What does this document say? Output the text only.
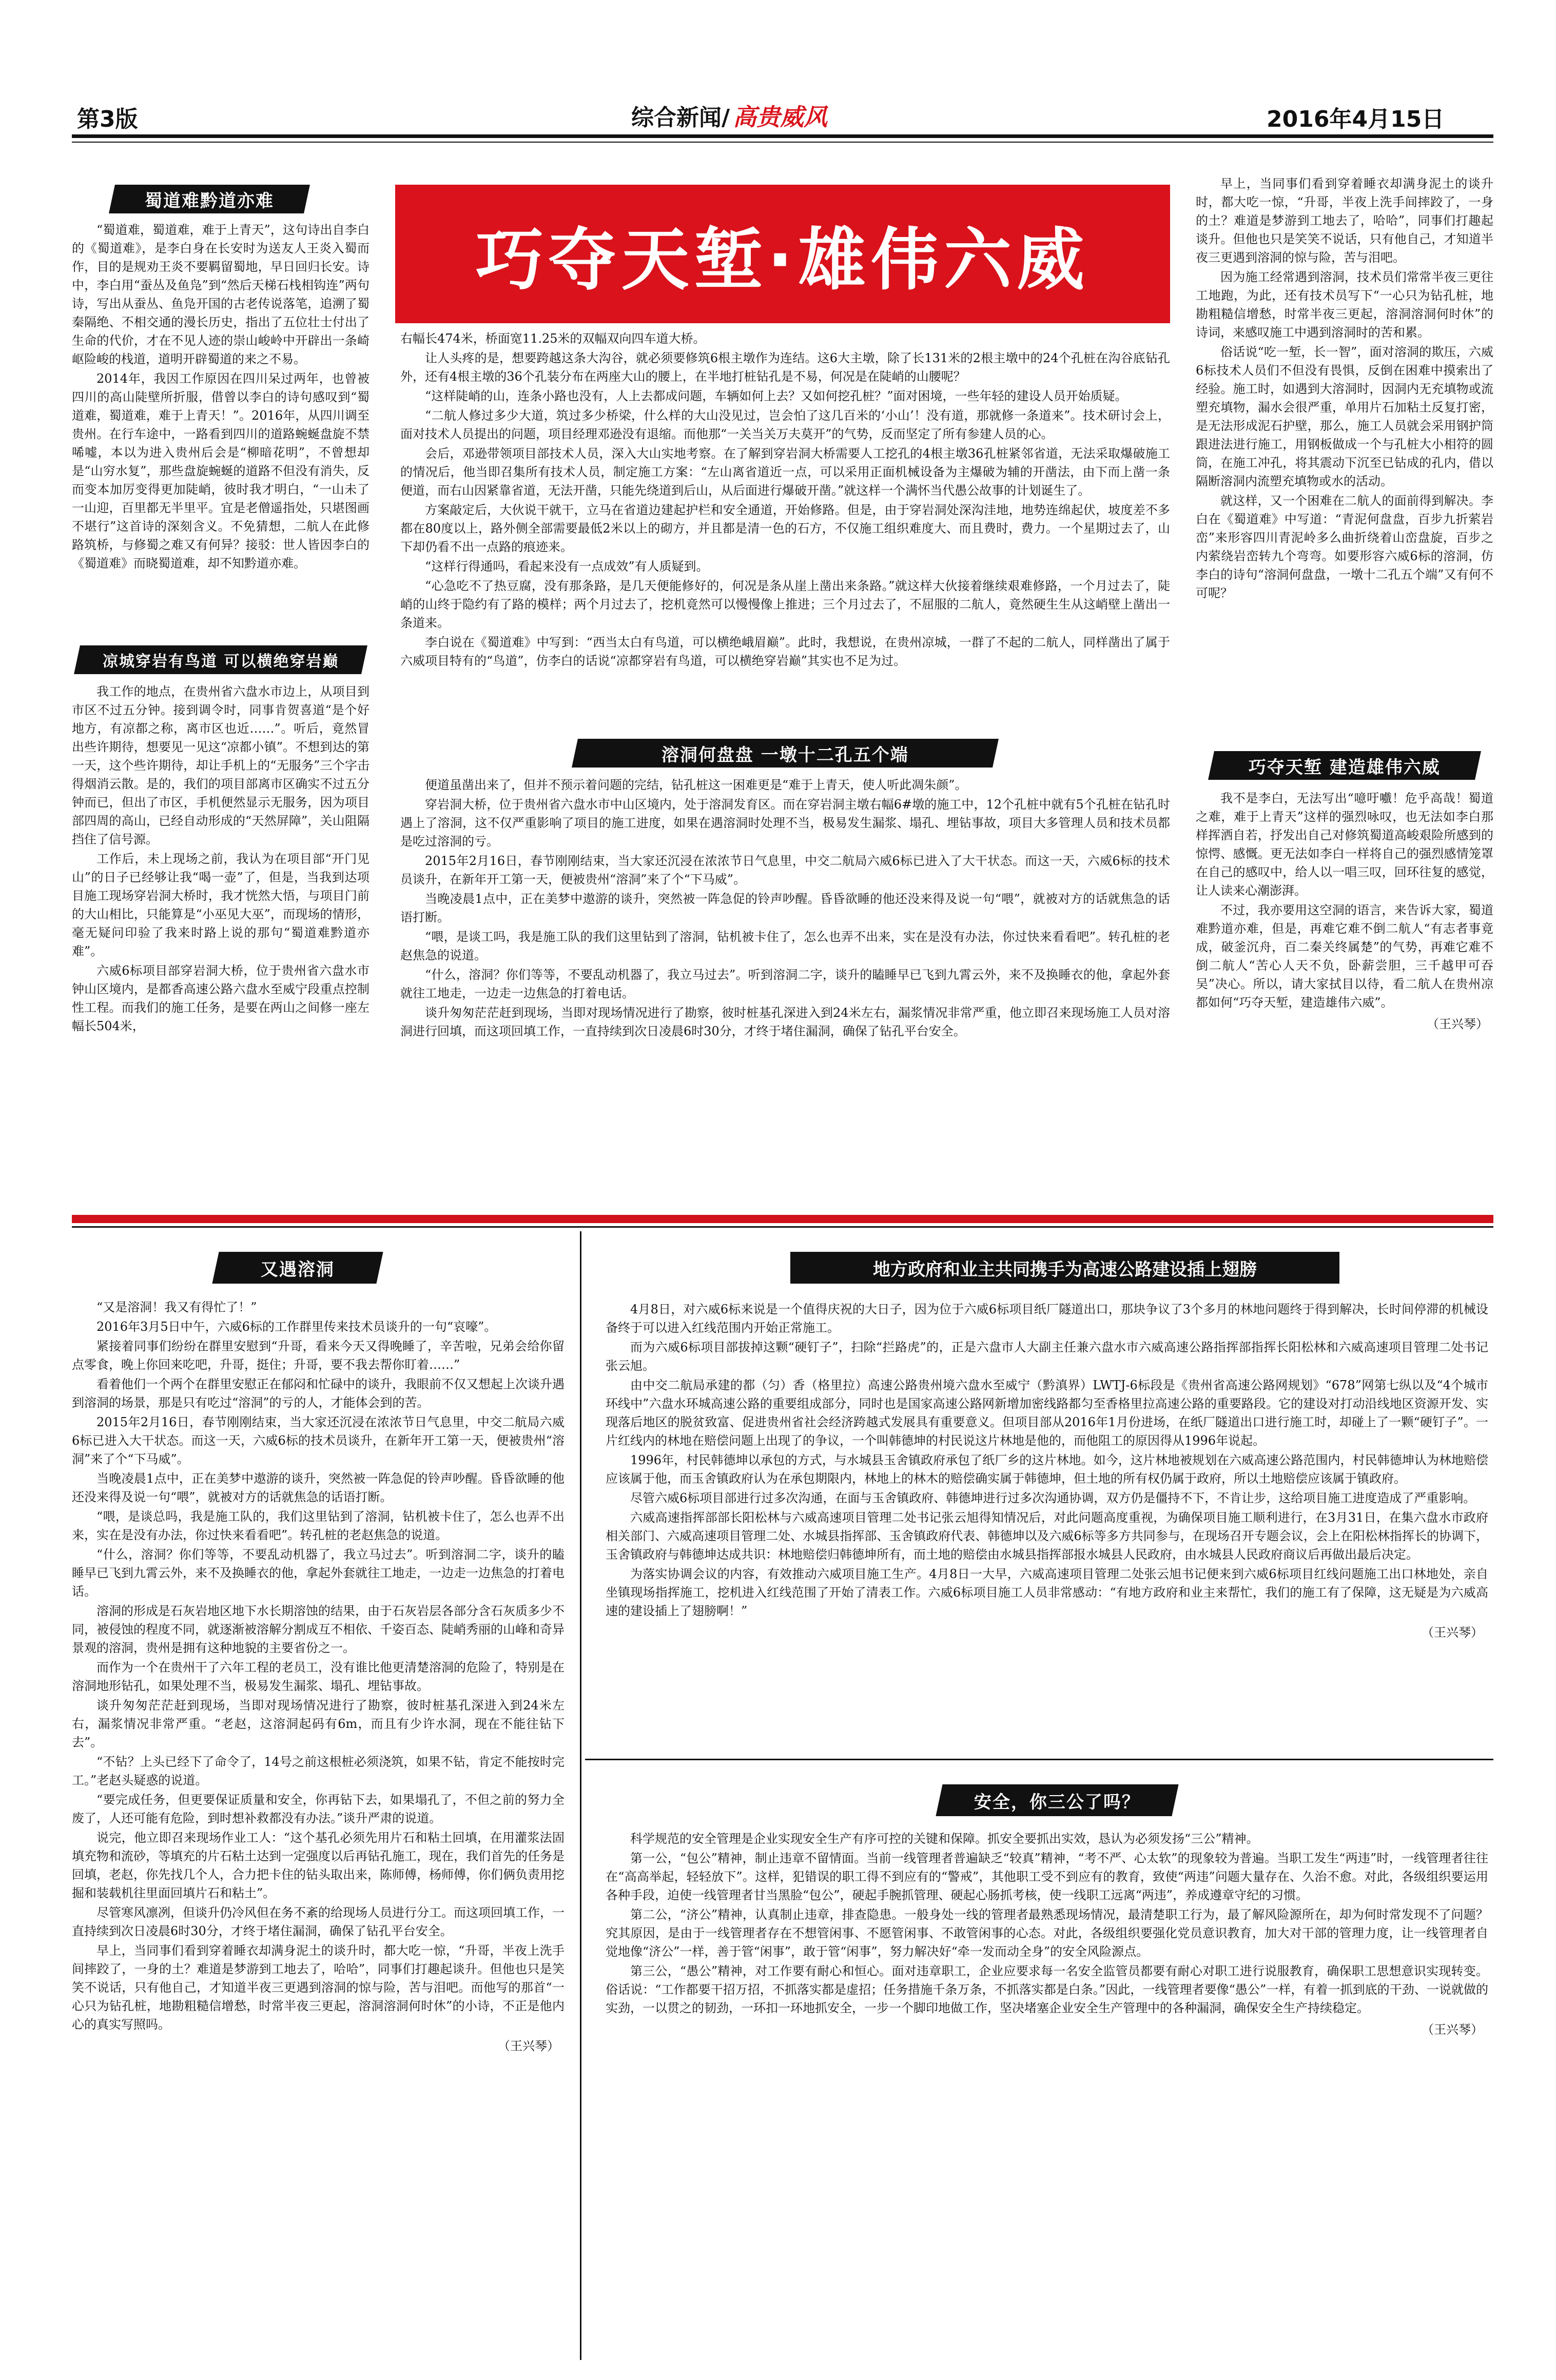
第3版	综合新闻/ 高贵威风	2016年4月15日
蜀道难黔道亦难

“蜀道难，蜀道难，难于上青天”，这句诗出自李白的《蜀道难》，是李白身在长安时为送友人王炎入蜀而作，目的是规劝王炎不要羁留蜀地，早日回归长安。诗中，李白用“蚕丛及鱼凫”到“然后天梯石栈相钩连”两句诗，写出从蚕丛、鱼凫开国的古老传说落笔，追溯了蜀秦隔绝、不相交通的漫长历史，指出了五位壮士付出了生命的代价，才在不见人迹的崇山峻岭中开辟出一条崎岖险峻的栈道，道明开辟蜀道的来之不易。

2014年，我因工作原因在四川呆过两年，也曾被四川的高山陡壁所折服，借曾以李白的诗句感叹到“蜀道难，蜀道难，难于上青天！”。2016年，从四川调至贵州。在行车途中，一路看到四川的道路蜿蜒盘旋不禁唏嘘，本以为进入贵州后会是“柳暗花明”，不曾想却是“山穷水复”，那些盘旋蜿蜒的道路不但没有消失，反而变本加厉变得更加陡峭，彼时我才明白，“一山未了一山迎，百里都无半里平。宜是老僧遥指处，只堪图画不堪行”这首诗的深刻含义。不免猜想，二航人在此修路筑桥，与修蜀之难又有何异？接驳：世人皆因李白的《蜀道难》而晓蜀道难，却不知黔道亦难。

凉城穿岩有鸟道 可以横绝穿岩巅

我工作的地点，在贵州省六盘水市边上，从项目到市区不过五分钟。接到调令时，同事肯贺喜道“是个好地方，有凉都之称，离市区也近……”。听后，竟然冒出些许期待，想要见一见这“凉都小镇”。不想到达的第一天，这个些许期待，却让手机上的“无服务”三个字击得烟消云散。是的，我们的项目部离市区确实不过五分钟而已，但出了市区，手机便然显示无服务，因为项目部四周的高山，已经自动形成的“天然屏障”，关山阻隔挡住了信号源。

工作后，未上现场之前，我认为在项目部“开门见山”的日子已经够让我“喝一壶”了，但是，当我到达项目施工现场穿岩洞大桥时，我才恍然大悟，与项目门前的大山相比，只能算是“小巫见大巫”，而现场的情形，毫无疑问印验了我来时路上说的那句“蜀道难黔道亦难”。

六威6标项目部穿岩洞大桥，位于贵州省六盘水市钟山区境内，是都香高速公路六盘水至威宁段重点控制性工程。而我们的施工任务，是要在两山之间修一座左幅长504米，

巧夺天堑·雄伟六威

右幅长474米，桥面宽11.25米的双幅双向四车道大桥。

让人头疼的是，想要跨越这条大沟谷，就必须要修筑6根主墩作为连结。这6大主墩，除了长131米的2根主墩中的24个孔桩在沟谷底钻孔外，还有4根主墩的36个孔装分布在两座大山的腰上，在半地打桩钻孔是不易，何况是在陡峭的山腰呢？

“这样陡峭的山，连条小路也没有，人上去都成问题，车辆如何上去？又如何挖孔桩？”面对困境，一些年轻的建设人员开始质疑。

“二航人修过多少大道，筑过多少桥梁，什么样的大山没见过，岂会怕了这几百米的‘小山’！没有道，那就修一条道来”。技术研讨会上，面对技术人员提出的问题，项目经理邓逊没有退缩。而他那“一关当关万夫莫开”的气势，反而坚定了所有参建人员的心。

会后，邓逊带领项目部技术人员，深入大山实地考察。在了解到穿岩洞大桥需要人工挖孔的4根主墩36孔桩紧邻省道，无法采取爆破施工的情况后，他当即召集所有技术人员，制定施工方案：“左山离省道近一点，可以采用正面机械设备为主爆破为辅的开凿法，由下而上凿一条便道，而右山因紧靠省道，无法开凿，只能先绕道到后山，从后面进行爆破开凿。”就这样一个满怀当代愚公故事的计划诞生了。

方案敲定后，大伙说干就干，立马在省道边建起护栏和安全通道，开始修路。但是，由于穿岩洞处深沟洼地，地势连绵起伏，坡度差不多都在80度以上，路外侧全部需要最低2米以上的砌方，并且都是清一色的石方，不仅施工组织难度大、而且费时，费力。一个星期过去了，山下却仍看不出一点路的痕迹来。

“这样行得通吗，看起来没有一点成效”有人质疑到。

“心急吃不了热豆腐，没有那条路，是几天便能修好的，何况是条从崖上凿出来条路。”就这样大伙接着继续艰难修路，一个月过去了，陡峭的山终于隐约有了路的模样；两个月过去了，挖机竟然可以慢慢像上推进；三个月过去了，不屈服的二航人，竟然硬生生从这峭壁上凿出一条道来。

李白说在《蜀道难》中写到：“西当太白有鸟道，可以横绝峨眉巅”。此时，我想说，在贵州凉城，一群了不起的二航人，同样凿出了属于六威项目特有的“鸟道”，仿李白的话说“凉都穿岩有鸟道，可以横绝穿岩巅”其实也不足为过。

溶洞何盘盘 一墩十二孔五个端

便道虽凿出来了，但并不预示着问题的完结，钻孔桩这一困难更是“难于上青天，使人听此凋朱颜”。

穿岩洞大桥，位于贵州省六盘水市中山区境内，处于溶洞发育区。而在穿岩洞主墩右幅6#墩的施工中，12个孔桩中就有5个孔桩在钻孔时遇上了溶洞，这不仅严重影响了项目的施工进度，如果在遇溶洞时处理不当，极易发生漏浆、塌孔、埋钻事故，项目大多管理人员和技术员都是吃过溶洞的亏。

2015年2月16日，春节刚刚结束，当大家还沉浸在浓浓节日气息里，中交二航局六威6标已进入了大干状态。而这一天，六威6标的技术员谈升，在新年开工第一天，便被贵州“溶洞”来了个“下马威”。

当晚凌晨1点中，正在美梦中遨游的谈升，突然被一阵急促的铃声吵醒。昏昏欲睡的他还没来得及说一句“喂”，就被对方的话就焦急的话语打断。

“喂，是谈工吗，我是施工队的我们这里钻到了溶洞，钻机被卡住了，怎么也弄不出来，实在是没有办法，你过快来看看吧”。转孔桩的老赵焦急的说道。

“什么，溶洞？你们等等，不要乱动机器了，我立马过去”。听到溶洞二字，谈升的瞌睡早已飞到九霄云外，来不及换睡衣的他，拿起外套就往工地走，一边走一边焦急的打着电话。

谈升匆匆茫茫赶到现场，当即对现场情况进行了勘察，彼时桩基孔深进入到24米左右，漏浆情况非常严重，他立即召来现场施工人员对溶洞进行回填，而这项回填工作，一直持续到次日凌晨6时30分，才终于堵住漏洞，确保了钻孔平台安全。

早上，当同事们看到穿着睡衣却满身泥土的谈升时，都大吃一惊，“升哥，半夜上洗手间摔跤了，一身的土？难道是梦游到工地去了，哈哈”，同事们打趣起谈升。但他也只是笑笑不说话，只有他自己，才知道半夜三更遇到溶洞的惊与险，苦与泪吧。

因为施工经常遇到溶洞，技术员们常常半夜三更往工地跑，为此，还有技术员写下“一心只为钻孔桩，地勘粗糙信增愁，时常半夜三更起，溶洞溶洞何时休”的诗词，来感叹施工中遇到溶洞时的苦和累。

俗话说“吃一堑，长一智”，面对溶洞的欺压，六威6标技术人员们不但没有畏惧，反倒在困难中摸索出了经验。施工时，如遇到大溶洞时，因洞内无充填物或流塑充填物，漏水会很严重，单用片石加粘土反复打密，是无法形成泥石护壁，那么，施工人员就会采用钢护筒跟进法进行施工，用钢板做成一个与孔桩大小相符的圆筒，在施工冲孔，将其震动下沉至已钻成的孔内，借以隔断溶洞内流塑充填物或水的活动。

就这样，又一个困难在二航人的面前得到解决。李白在《蜀道难》中写道：“青泥何盘盘，百步九折萦岩峦”来形容四川青泥岭多么曲折绕着山峦盘旋，百步之内萦绕岩峦转九个弯弯。如要形容六威6标的溶洞，仿李白的诗句“溶洞何盘盘，一墩十二孔五个端”又有何不可呢？

巧夺天堑 建造雄伟六威

我不是李白，无法写出“噫吁嚱！危乎高哉！蜀道之难，难于上青天”这样的强烈咏叹，也无法如李白那样挥洒自若，抒发出自己对修筑蜀道高峻艰险所感到的惊愕、感慨。更无法如李白一样将自己的强烈感情笼罩在自己的感叹中，给人以一唱三叹，回环往复的感觉，让人读来心潮澎湃。

不过，我亦要用这空洞的语言，来告诉大家，蜀道难黔道亦难，但是，再难它难不倒二航人“有志者事竟成，破釜沉舟，百二秦关终属楚”的气势，再难它难不倒二航人“苦心人天不负，卧薪尝胆，三千越甲可吞吴”决心。所以，请大家拭目以待，看二航人在贵州凉都如何“巧夺天堑，建造雄伟六威”。

（王兴琴）

又遇溶洞

“又是溶洞！我又有得忙了！”

2016年3月5日中午，六威6标的工作群里传来技术员谈升的一句“哀嚎”。

紧接着同事们纷纷在群里安慰到“升哥，看来今天又得晚睡了，辛苦啦，兄弟会给你留点零食，晚上你回来吃吧，升哥，挺住；升哥，要不我去帮你盯着……”

看着他们一个两个在群里安慰正在郁闷和忙碌中的谈升，我眼前不仅又想起上次谈升遇到溶洞的场景，那是只有吃过“溶洞”的亏的人，才能体会到的苦。

2015年2月16日，春节刚刚结束，当大家还沉浸在浓浓节日气息里，中交二航局六威6标已进入大干状态。而这一天，六威6标的技术员谈升，在新年开工第一天，便被贵州“溶洞”来了个“下马威”。

当晚凌晨1点中，正在美梦中遨游的谈升，突然被一阵急促的铃声吵醒。昏昏欲睡的他还没来得及说一句“喂”，就被对方的话就焦急的话语打断。

“喂，是谈总吗，我是施工队的，我们这里钻到了溶洞，钻机被卡住了，怎么也弄不出来，实在是没有办法，你过快来看看吧”。转孔桩的老赵焦急的说道。

“什么，溶洞？你们等等，不要乱动机器了，我立马过去”。听到溶洞二字，谈升的瞌睡早已飞到九霄云外，来不及换睡衣的他，拿起外套就往工地走，一边走一边焦急的打着电话。

溶洞的形成是石灰岩地区地下水长期溶蚀的结果，由于石灰岩层各部分含石灰质多少不同，被侵蚀的程度不同，就逐渐被溶解分割成互不相依、千姿百态、陡峭秀丽的山峰和奇异景观的溶洞，贵州是拥有这种地貌的主要省份之一。

而作为一个在贵州干了六年工程的老员工，没有谁比他更清楚溶洞的危险了，特别是在溶洞地形钻孔，如果处理不当，极易发生漏浆、塌孔、埋钻事故。

谈升匆匆茫茫赶到现场，当即对现场情况进行了勘察，彼时桩基孔深进入到24米左右，漏浆情况非常严重。“老赵，这溶洞起码有6m，而且有少许水洞，现在不能往钻下去”。

“不钻？上头已经下了命令了，14号之前这根桩必须浇筑，如果不钻，肯定不能按时完工。”老赵头疑惑的说道。

“要完成任务，但更要保证质量和安全，你再钻下去，如果塌孔了，不但之前的努力全废了，人还可能有危险，到时想补救都没有办法。”谈升严肃的说道。

说完，他立即召来现场作业工人：“这个基孔必须先用片石和粘土回填，在用灌浆法固填充物和流砂，等填充的片石粘土达到一定强度以后再钻孔施工，现在，我们首先的任务是回填，老赵，你先找几个人，合力把卡住的钻头取出来，陈师傅，杨师傅，你们俩负责用挖掘和装载机往里面回填片石和粘土”。

尽管寒风凛冽，但谈升仍冷风但在务不紊的给现场人员进行分工。而这项回填工作，一直持续到次日凌晨6时30分，才终于堵住漏洞，确保了钻孔平台安全。

早上，当同事们看到穿着睡衣却满身泥土的谈升时，都大吃一惊，“升哥，半夜上洗手间摔跤了，一身的土？难道是梦游到工地去了，哈哈”，同事们打趣起谈升。但他也只是笑笑不说话，只有他自己，才知道半夜三更遇到溶洞的惊与险，苦与泪吧。而他写的那首“一心只为钻孔桩，地勘粗糙信增愁，时常半夜三更起，溶洞溶洞何时休”的小诗，不正是他内心的真实写照吗。

（王兴琴）

地方政府和业主共同携手为高速公路建设插上翅膀

4月8日，对六威6标来说是一个值得庆祝的大日子，因为位于六威6标项目纸厂隧道出口，那块争议了3个多月的林地问题终于得到解决，长时间停滞的机械设备终于可以进入红线范围内开始正常施工。

而为六威6标项目部拔掉这颗“硬钉子”，扫除“拦路虎”的，正是六盘市人大副主任兼六盘水市六威高速公路指挥部指挥长阳松林和六威高速项目管理二处书记张云旭。

由中交二航局承建的都（匀）香（格里拉）高速公路贵州境六盘水至威宁（黔滇界）LWTJ-6标段是《贵州省高速公路网规划》“678”网第七纵以及“4个城市环线中”六盘水环城高速公路的重要组成部分，同时也是国家高速公路网新增加密线路都匀至香格里拉高速公路的重要路段。它的建设对打动沿线地区资源开发、实现落后地区的脱贫致富、促进贵州省社会经济跨越式发展具有重要意义。但项目部从2016年1月份进场，在纸厂隧道出口进行施工时，却碰上了一颗“硬钉子”。一片红线内的林地在赔偿问题上出现了的争议，一个叫韩德坤的村民说这片林地是他的，而他阻工的原因得从1996年说起。

1996年，村民韩德坤以承包的方式，与水城县玉舍镇政府承包了纸厂乡的这片林地。如今，这片林地被规划在六威高速公路范围内，村民韩德坤认为林地赔偿应该属于他，而玉舍镇政府认为在承包期限内，林地上的林木的赔偿确实属于韩德坤，但土地的所有权仍属于政府，所以土地赔偿应该属于镇政府。

尽管六威6标项目部进行过多次沟通，在面与玉舍镇政府、韩德坤进行过多次沟通协调，双方仍是僵持不下，不肯让步，这给项目施工进度造成了严重影响。

六威高速指挥部部长阳松林与六威高速项目管理二处书记张云旭得知情况后，对此问题高度重视，为确保项目施工顺利进行，在3月31日，在集六盘水市政府相关部门、六威高速项目管理二处、水城县指挥部、玉舍镇政府代表、韩德坤以及六威6标等多方共同参与，在现场召开专题会议，会上在阳松林指挥长的协调下，玉舍镇政府与韩德坤达成共识：林地赔偿归韩德坤所有，而土地的赔偿由水城县指挥部报水城县人民政府，由水城县人民政府商议后再做出最后决定。

为落实协调会议的内容，有效推动六威项目施工生产。4月8日一大早，六威高速项目管理二处张云旭书记便来到六威6标项目红线问题施工出口林地处，亲自坐镇现场指挥施工，挖机进入红线范围了开始了清表工作。六威6标项目施工人员非常感动：“有地方政府和业主来帮忙，我们的施工有了保障，这无疑是为六威高速的建设插上了翅膀啊！”

（王兴琴）

安全，你三公了吗？

科学规范的安全管理是企业实现安全生产有序可控的关键和保障。抓安全要抓出实效，恳认为必须发扬“三公”精神。

第一公，“包公”精神，制止违章不留情面。当前一线管理者普遍缺乏“较真”精神，“考不严、心太软”的现象较为普遍。当职工发生“两违”时，一线管理者往往在“高高举起，轻轻放下”。这样，犯错误的职工得不到应有的“警戒”，其他职工受不到应有的教育，致使“两违”问题大量存在、久治不愈。对此，各级组织要运用各种手段，迫使一线管理者甘当黑脸“包公”，硬起手腕抓管理、硬起心肠抓考核，使一线职工远离“两违”，养成遵章守纪的习惯。

第二公，“济公”精神，认真制止违章，排查隐患。一般身处一线的管理者最熟悉现场情况，最清楚职工行为，最了解风险源所在，却为何时常发现不了问题？究其原因，是由于一线管理者存在不想管闲事、不愿管闲事、不敢管闲事的心态。对此，各级组织要强化党员意识教育，加大对干部的管理力度，让一线管理者自觉地像“济公”一样，善于管“闲事”，敢于管“闲事”，努力解决好“牵一发而动全身”的安全风险源点。

第三公，“愚公”精神，对工作要有耐心和恒心。面对违章职工，企业应要求每一名安全监管员都要有耐心对职工进行说服教育，确保职工思想意识实现转变。俗话说：“工作都要干招万招，不抓落实都是虚招；任务措施千条万条，不抓落实都是白条。”因此，一线管理者要像“愚公”一样，有着一抓到底的干劲、一说就做的实劲，一以贯之的韧劲，一环扣一环地抓安全，一步一个脚印地做工作，坚决堵塞企业安全生产管理中的各种漏洞，确保安全生产持续稳定。

（王兴琴）
